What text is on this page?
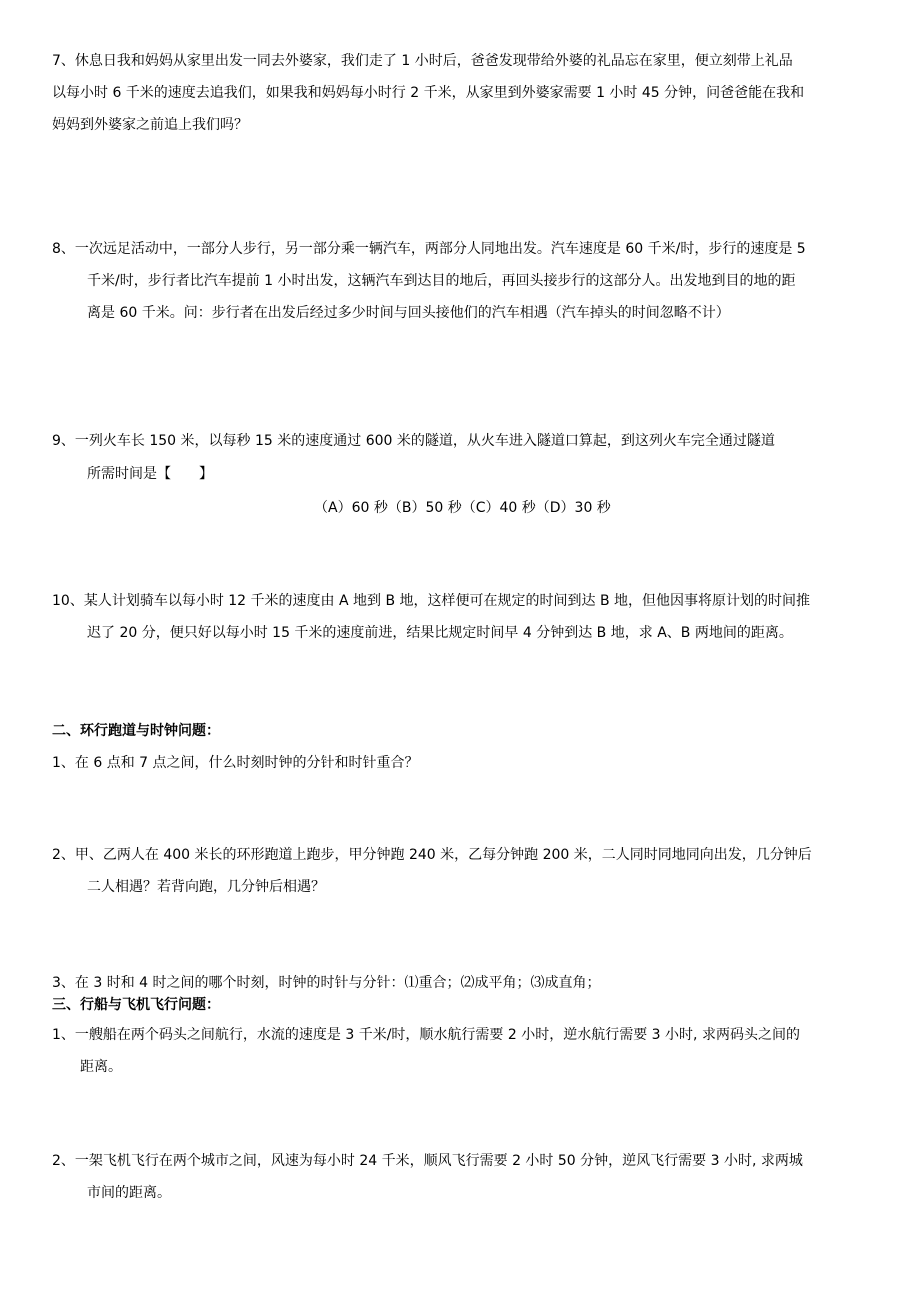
7、休息日我和妈妈从家里出发一同去外婆家，我们走了 1 小时后，爸爸发现带给外婆的礼品忘在家里，便立刻带上礼品
以每小时 6 千米的速度去追我们，如果我和妈妈每小时行 2 千米，从家里到外婆家需要 1 小时 45 分钟，问爸爸能在我和
妈妈到外婆家之前追上我们吗？
8、一次远足活动中，一部分人步行，另一部分乘一辆汽车，两部分人同地出发。汽车速度是 60 千米/时，步行的速度是 5
千米/时，步行者比汽车提前 1 小时出发，这辆汽车到达目的地后，再回头接步行的这部分人。出发地到目的地的距
离是 60 千米。问：步行者在出发后经过多少时间与回头接他们的汽车相遇（汽车掉头的时间忽略不计）
9、一列火车长 150 米，以每秒 15 米的速度通过 600 米的隧道，从火车进入隧道口算起，到这列火车完全通过隧道
所需时间是【　　】
（A）60 秒（B）50 秒（C）40 秒（D）30 秒
10、某人计划骑车以每小时 12 千米的速度由 A 地到 B 地，这样便可在规定的时间到达 B 地，但他因事将原计划的时间推
迟了 20 分，便只好以每小时 15 千米的速度前进，结果比规定时间早 4 分钟到达 B 地，求 A、B 两地间的距离。
二、环行跑道与时钟问题：
1、在 6 点和 7 点之间，什么时刻时钟的分针和时针重合？
2、甲、乙两人在 400 米长的环形跑道上跑步，甲分钟跑 240 米，乙每分钟跑 200 米，二人同时同地同向出发，几分钟后
二人相遇？若背向跑，几分钟后相遇？
3、在 3 时和 4 时之间的哪个时刻，时钟的时针与分针：⑴重合；⑵成平角；⑶成直角；
三、行船与飞机飞行问题：
1、一艘船在两个码头之间航行，水流的速度是 3 千米/时，顺水航行需要 2 小时，逆水航行需要 3 小时, 求两码头之间的
距离。
2、一架飞机飞行在两个城市之间，风速为每小时 24 千米，顺风飞行需要 2 小时 50 分钟，逆风飞行需要 3 小时, 求两城
市间的距离。
